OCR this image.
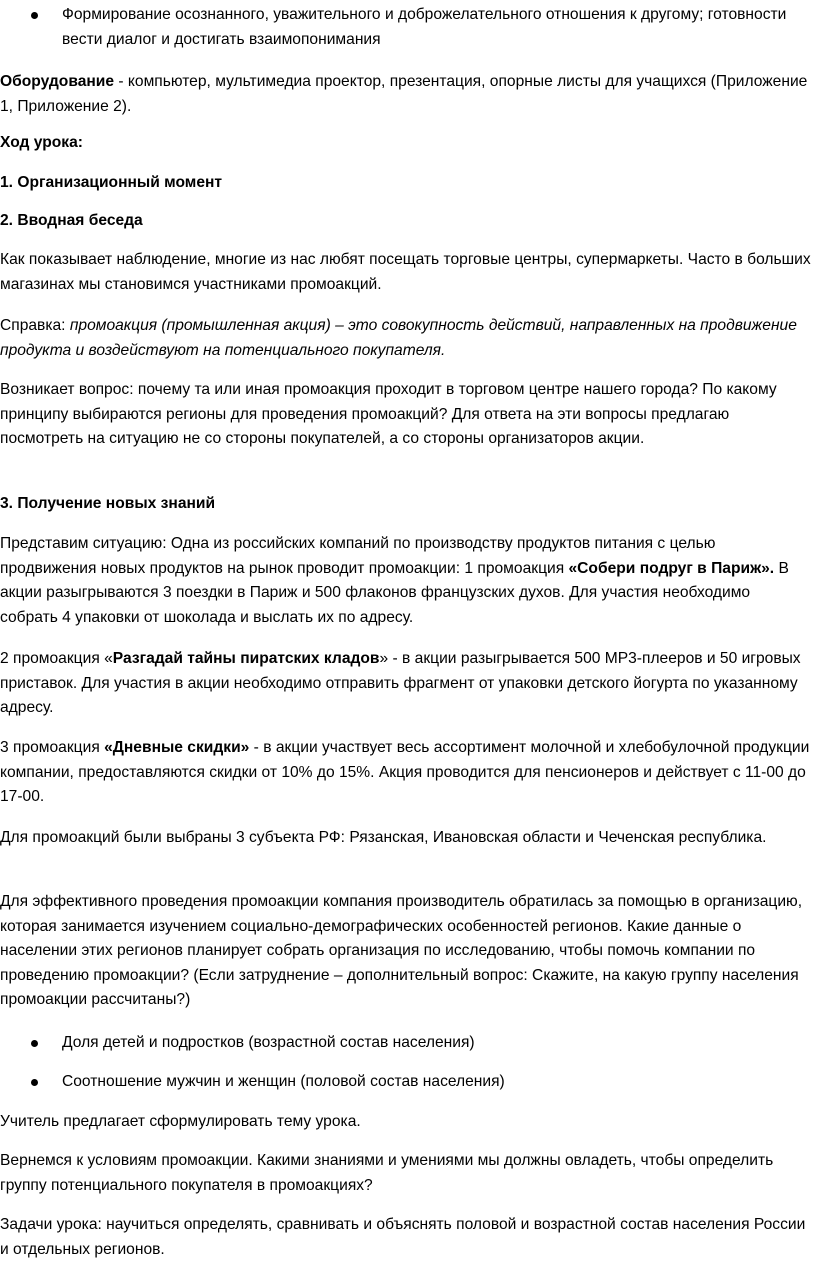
Формирование осознанного, уважительного и доброжелательного отношения к другому; готовности вести диалог и достигать взаимопонимания

Оборудование - компьютер, мультимедиа проектор, презентация, опорные листы для учащихся (Приложение 1, Приложение 2).

Ход урока:

1. Организационный момент

2. Вводная беседа

Как показывает наблюдение, многие из нас любят посещать торговые центры, супермаркеты. Часто в больших магазинах мы становимся участниками промоакций.

Справка: промоакция (промышленная акция) – это совокупность действий, направленных на продвижение продукта и воздействуют на потенциального покупателя.

Возникает вопрос: почему та или иная промоакция проходит в торговом центре нашего города? По какому принципу выбираются регионы для проведения промоакций? Для ответа на эти вопросы предлагаю посмотреть на ситуацию не со стороны покупателей, а со стороны организаторов акции.

3. Получение новых знаний

Представим ситуацию: Одна из российских компаний по производству продуктов питания с целью продвижения новых продуктов на рынок проводит промоакции: 1 промоакция «Собери подруг в Париж». В акции разыгрываются 3 поездки в Париж и 500 флаконов французских духов. Для участия необходимо собрать 4 упаковки от шоколада и выслать их по адресу.

2 промоакция «Разгадай тайны пиратских кладов» - в акции разыгрывается 500 МР3-плееров и 50 игровых приставок. Для участия в акции необходимо отправить фрагмент от упаковки детского йогурта по указанному адресу.

3 промоакция «Дневные скидки» - в акции участвует весь ассортимент молочной и хлебобулочной продукции компании, предоставляются скидки от 10% до 15%. Акция проводится для пенсионеров и действует с 11-00 до 17-00.

Для промоакций были выбраны 3 субъекта РФ: Рязанская, Ивановская области и Чеченская республика.

Для эффективного проведения промоакции компания производитель обратилась за помощью в организацию, которая занимается изучением социально-демографических особенностей регионов. Какие данные о населении этих регионов планирует собрать организация по исследованию, чтобы помочь компании по проведению промоакции? (Если затруднение – дополнительный вопрос: Скажите, на какую группу населения промоакции рассчитаны?)

Доля детей и подростков (возрастной состав населения)

Соотношение мужчин и женщин (половой состав населения)

Учитель предлагает сформулировать тему урока.

Вернемся к условиям промоакции. Какими знаниями и умениями мы должны овладеть, чтобы определить группу потенциального покупателя в промоакциях?

Задачи урока: научиться определять, сравнивать и объяснять половой и возрастной состав населения России и отдельных регионов.
